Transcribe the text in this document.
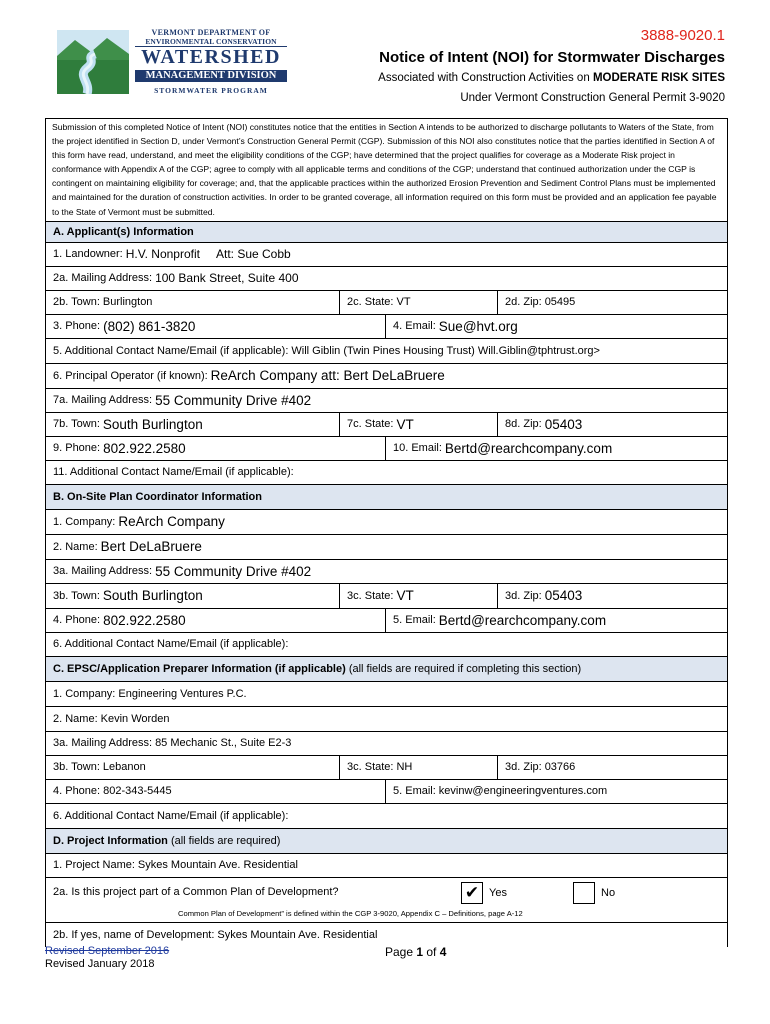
VERMONT DEPARTMENT OF
ENVIRONMENTAL CONSERVATION
WATERSHED
MANAGEMENT DIVISION
STORMWATER PROGRAM
3888-9020.1
Notice of Intent (NOI) for Stormwater Discharges
Associated with Construction Activities on MODERATE RISK SITES
Under Vermont Construction General Permit 3-9020
Submission of this completed Notice of Intent (NOI) constitutes notice that the entities in Section A intends to be authorized to discharge pollutants to Waters of the State, from the project identified in Section D, under Vermont’s Construction General Permit (CGP). Submission of this NOI also constitutes notice that the parties identified in Section A of this form have read, understand, and meet the eligibility conditions of the CGP; have determined that the project qualifies for coverage as a Moderate Risk project in conformance with Appendix A of the CGP; agree to comply with all applicable terms and conditions of the CGP; understand that continued authorization under the CGP is contingent on maintaining eligibility for coverage; and, that the applicable practices within the authorized Erosion Prevention and Sediment Control Plans must be implemented and maintained for the duration of construction activities. In order to be granted coverage, all information required on this form must be provided and an application fee payable to the State of Vermont must be submitted.
A. Applicant(s) Information
1. Landowner: H.V. Nonprofit     Att: Sue Cobb
2a. Mailing Address: 100 Bank Street, Suite 400
2b. Town: Burlington	2c. State: VT	2d. Zip: 05495
3. Phone: (802) 861-3820	4. Email: Sue@hvt.org
5. Additional Contact Name/Email (if applicable): Will Giblin (Twin Pines Housing Trust) Will.Giblin@tphtrust.org>
6. Principal Operator (if known): ReArch Company att: Bert DeLaBruere
7a. Mailing Address: 55 Community Drive #402
7b. Town: South Burlington	7c. State: VT	8d. Zip: 05403
9. Phone: 802.922.2580	10. Email: Bertd@rearchcompany.com
11. Additional Contact Name/Email (if applicable):
B. On-Site Plan Coordinator Information
1. Company: ReArch Company
2. Name: Bert DeLaBruere
3a. Mailing Address: 55 Community Drive #402
3b. Town: South Burlington	3c. State: VT	3d. Zip: 05403
4. Phone: 802.922.2580	5. Email: Bertd@rearchcompany.com
6. Additional Contact Name/Email (if applicable):
C. EPSC/Application Preparer Information (if applicable) (all fields are required if completing this section)
1. Company: Engineering Ventures P.C.
2. Name: Kevin Worden
3a. Mailing Address: 85 Mechanic St., Suite E2-3
3b. Town: Lebanon	3c. State: NH	3d. Zip: 03766
4. Phone: 802-343-5445	5. Email: kevinw@engineeringventures.com
6. Additional Contact Name/Email (if applicable):
D. Project Information (all fields are required)
1. Project Name: Sykes Mountain Ave. Residential
2a. Is this project part of a Common Plan of Development?	✔ Yes	No
Common Plan of Development” is defined within the CGP 3-9020, Appendix C – Definitions, page A-12
2b. If yes, name of Development: Sykes Mountain Ave. Residential
Revised September 2016
Revised January 2018
Page 1 of 4
